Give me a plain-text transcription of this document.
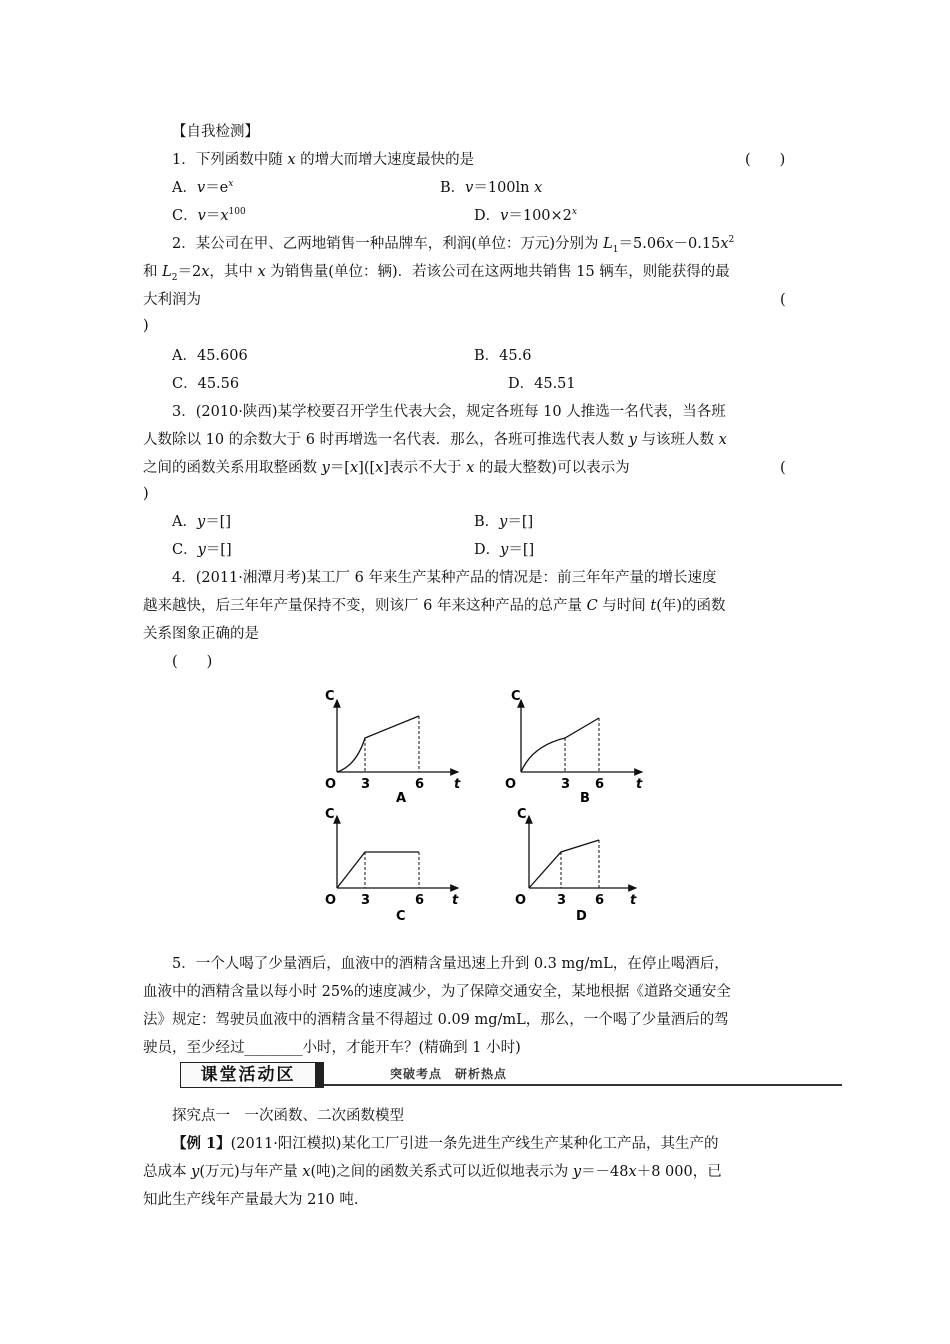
【自我检测】
1．下列函数中随 x 的增大而增大速度最快的是	(　　)
A．$v=e^x$	B．v＝100ln x
C．$v=x^{100}$	D．$v=100\times 2^x$
2．某公司在甲、乙两地销售一种品牌车，利润(单位：万元)分别为 $L_1=5.06x-0.15x^2$
和 $L_2=2x$，其中 x 为销售量(单位：辆)．若该公司在这两地共销售 15 辆车，则能获得的最
大利润为	(
)
A．45.606	B．45.6
C．45.56	D．45.51
3．(2010·陕西)某学校要召开学生代表大会，规定各班每 10 人推选一名代表，当各班
人数除以 10 的余数大于 6 时再增选一名代表．那么，各班可推选代表人数 y 与该班人数 x
之间的函数关系用取整函数 y＝[x]([x]表示不大于 x 的最大整数)可以表示为	(
)
A．y＝[]	B．y＝[]
C．y＝[]	D．y＝[]
4．(2011·湘潭月考)某工厂 6 年来生产某种产品的情况是：前三年年产量的增长速度
越来越快，后三年年产量保持不变，则该厂 6 年来这种产品的总产量 C 与时间 t(年)的函数
关系图象正确的是
(　　)
C
O 3	6 t
A
C
O	3 6 t
B
C
O 3	6 t
C
C
O 3 6 t
D
5．一个人喝了少量酒后，血液中的酒精含量迅速上升到 0.3 mg/mL，在停止喝酒后，
血液中的酒精含量以每小时 25%的速度减少，为了保障交通安全，某地根据《道路交通安全
法》规定：驾驶员血液中的酒精含量不得超过 0.09 mg/mL，那么，一个喝了少量酒后的驾
驶员，至少经过________小时，才能开车？(精确到 1 小时)
课堂活动区	突破考点　研析热点
探究点一　一次函数、二次函数模型
【例 1】(2011·阳江模拟)某化工厂引进一条先进生产线生产某种化工产品，其生产的
总成本 y(万元)与年产量 x(吨)之间的函数关系式可以近似地表示为 y＝－48x＋8 000，已
知此生产线年产量最大为 210 吨.
